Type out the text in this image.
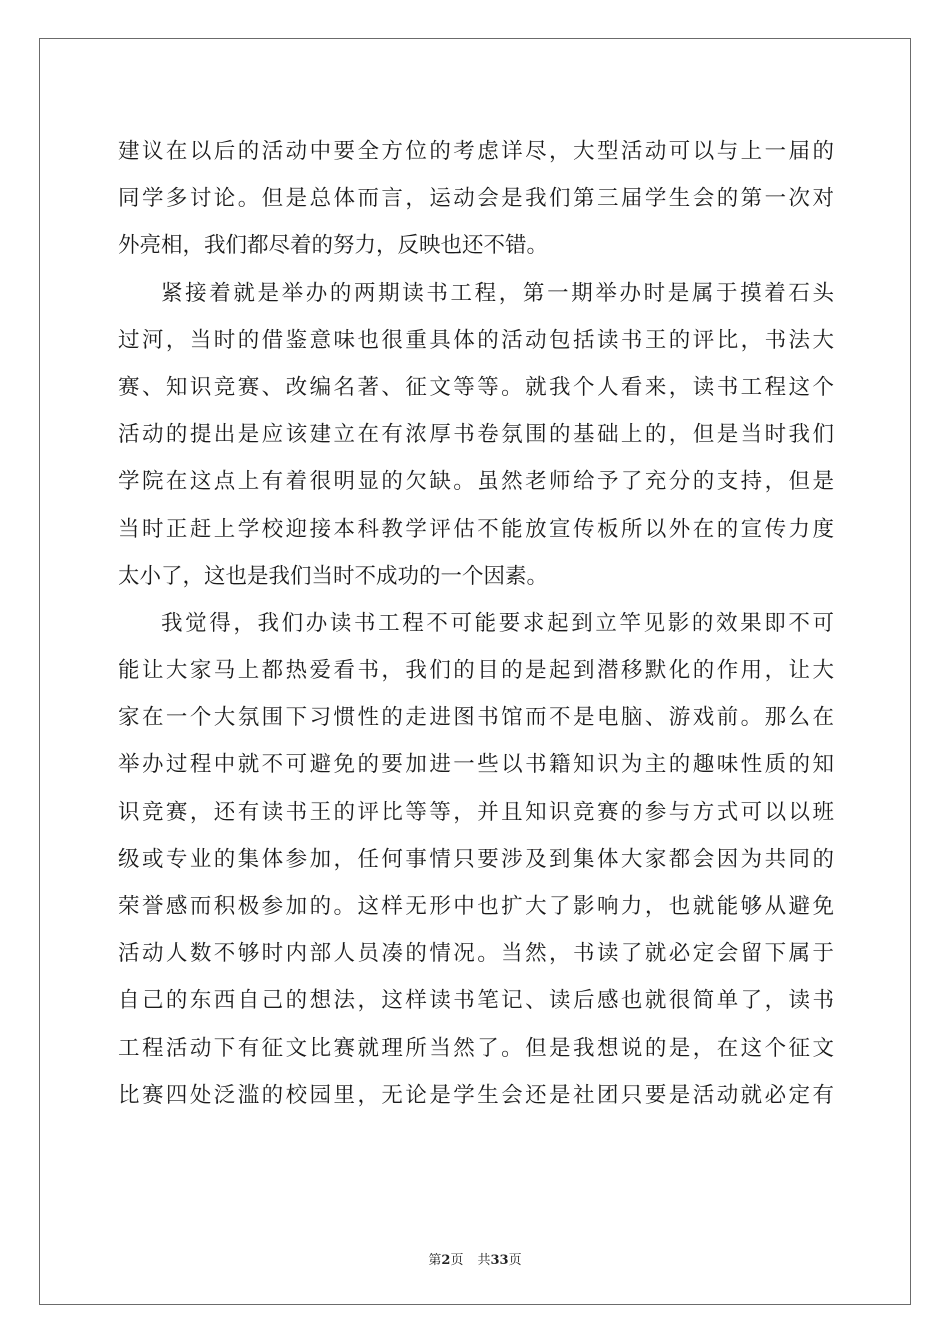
建议在以后的活动中要全方位的考虑详尽，大型活动可以与上一届的
同学多讨论。但是总体而言，运动会是我们第三届学生会的第一次对
外亮相，我们都尽着的努力，反映也还不错。
紧接着就是举办的两期读书工程，第一期举办时是属于摸着石头
过河，当时的借鉴意味也很重具体的活动包括读书王的评比，书法大
赛、知识竞赛、改编名著、征文等等。就我个人看来，读书工程这个
活动的提出是应该建立在有浓厚书卷氛围的基础上的，但是当时我们
学院在这点上有着很明显的欠缺。虽然老师给予了充分的支持，但是
当时正赶上学校迎接本科教学评估不能放宣传板所以外在的宣传力度
太小了，这也是我们当时不成功的一个因素。
我觉得，我们办读书工程不可能要求起到立竿见影的效果即不可
能让大家马上都热爱看书，我们的目的是起到潜移默化的作用，让大
家在一个大氛围下习惯性的走进图书馆而不是电脑、游戏前。那么在
举办过程中就不可避免的要加进一些以书籍知识为主的趣味性质的知
识竞赛，还有读书王的评比等等，并且知识竞赛的参与方式可以以班
级或专业的集体参加，任何事情只要涉及到集体大家都会因为共同的
荣誉感而积极参加的。这样无形中也扩大了影响力，也就能够从避免
活动人数不够时内部人员凑的情况。当然，书读了就必定会留下属于
自己的东西自己的想法，这样读书笔记、读后感也就很简单了，读书
工程活动下有征文比赛就理所当然了。但是我想说的是，在这个征文
比赛四处泛滥的校园里，无论是学生会还是社团只要是活动就必定有
第2页 共33页
